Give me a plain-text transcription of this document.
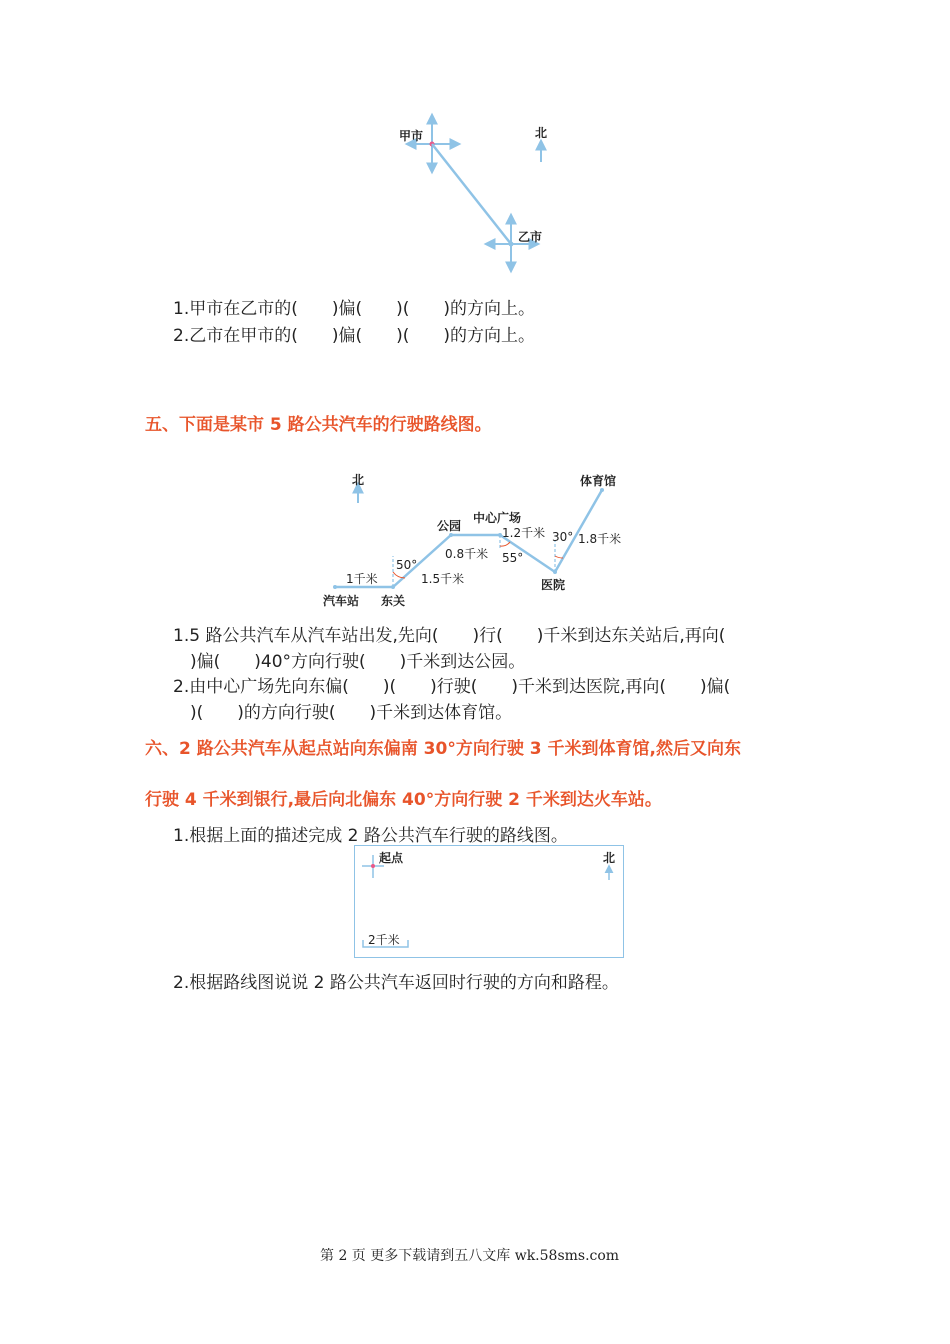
甲市
乙市
北
1.甲市在乙市的(　　)偏(　　)(　　)的方向上。
2.乙市在甲市的(　　)偏(　　)(　　)的方向上。
五、下面是某市 5 路公共汽车的行驶路线图。
北	体育馆
中心广场
公园
医院
汽车站 东关
1千米	1.5千米
0.8千米
1.2千米	1.8千米
50°	55°
30°
1.5 路公共汽车从汽车站出发,先向(　　)行(　　)千米到达东关站后,再向(
)偏(　　)40°方向行驶(　　)千米到达公园。
2.由中心广场先向东偏(　　)(　　)行驶(　　)千米到达医院,再向(　　)偏(
)(　　)的方向行驶(　　)千米到达体育馆。
六、2 路公共汽车从起点站向东偏南 30°方向行驶 3 千米到体育馆,然后又向东
行驶 4 千米到银行,最后向北偏东 40°方向行驶 2 千米到达火车站。
1.根据上面的描述完成 2 路公共汽车行驶的路线图。
起点	北
2千米
2.根据路线图说说 2 路公共汽车返回时行驶的方向和路程。
第 2 页 更多下载请到五八文库 wk.58sms.com
